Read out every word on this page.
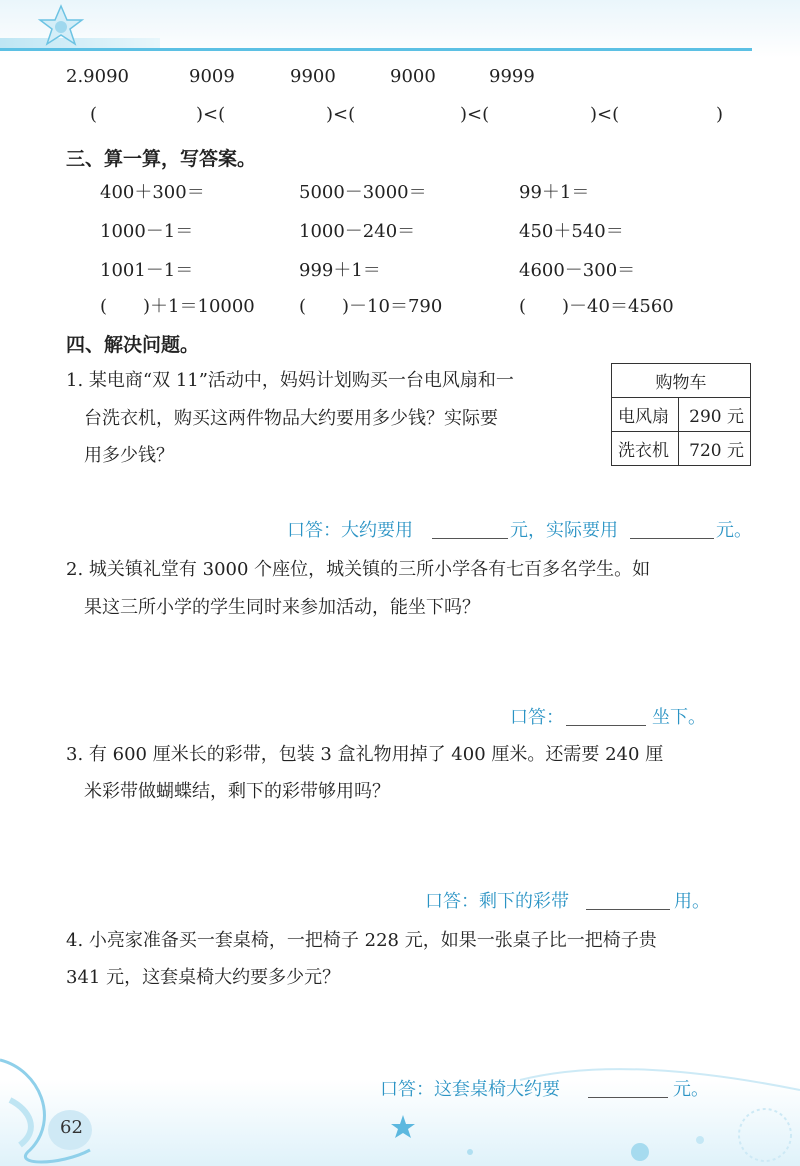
2.9090	9009	9900	9000	9999
(	)<(	)<(	)<(	)<(	)
三、算一算，写答案。
400＋300＝	5000－3000＝	99＋1＝
1000－1＝	1000－240＝	450＋540＝
1001－1＝	999＋1＝	4600－300＝
(　　)＋1＝10000 (　　)－10＝790	(　　)－40＝4560
四、解决问题。
1. 某电商“双 11”活动中，妈妈计划购买一台电风扇和一
台洗衣机，购买这两件物品大约要用多少钱？实际要
用多少钱？
购物车	
电风扇	290 元
洗衣机	720 元
口答：大约要用	元，实际要用	元。
2. 城关镇礼堂有 3000 个座位，城关镇的三所小学各有七百多名学生。如
果这三所小学的学生同时来参加活动，能坐下吗？
口答：	坐下。
3. 有 600 厘米长的彩带，包装 3 盒礼物用掉了 400 厘米。还需要 240 厘
米彩带做蝴蝶结，剩下的彩带够用吗？
口答：剩下的彩带	用。
4. 小亮家准备买一套桌椅，一把椅子 228 元，如果一张桌子比一把椅子贵
341 元，这套桌椅大约要多少元？
口答：这套桌椅大约要	元。
62
